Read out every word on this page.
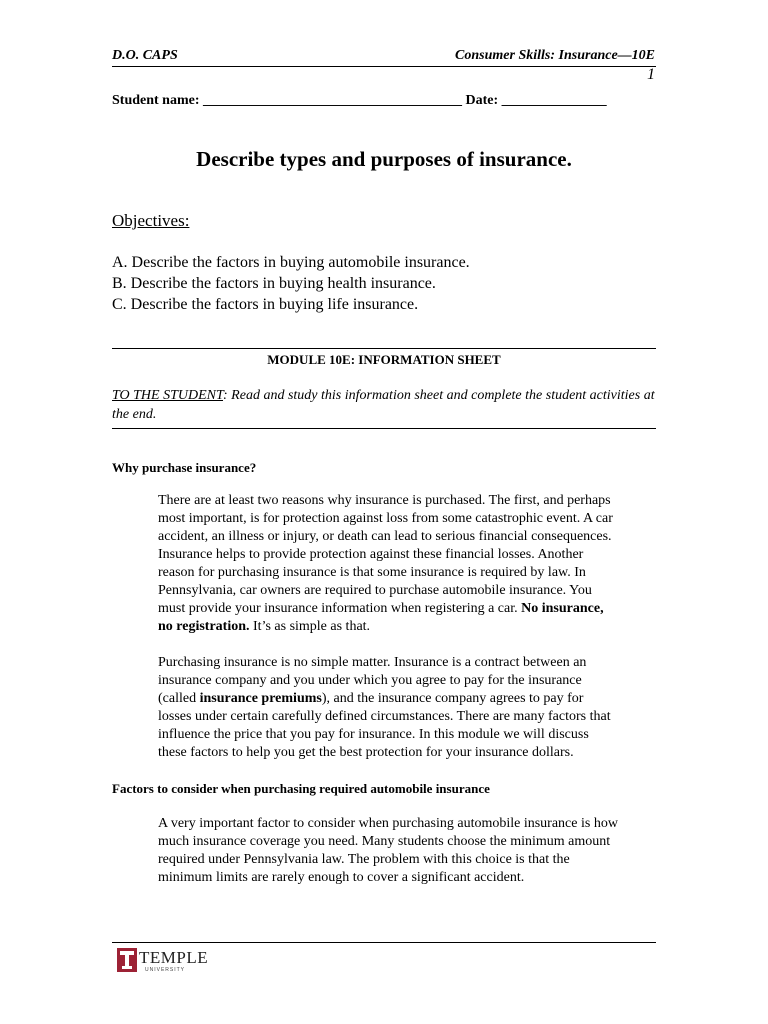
D.O. CAPS	Consumer Skills: Insurance—10E
1
Student name: _____________________________________ Date: _______________
Describe types and purposes of insurance.
Objectives:
A. Describe the factors in buying automobile insurance.
B. Describe the factors in buying health insurance.
C. Describe the factors in buying life insurance.
MODULE 10E: INFORMATION SHEET
TO THE STUDENT: Read and study this information sheet and complete the student activities at the end.
Why purchase insurance?
There are at least two reasons why insurance is purchased. The first, and perhaps
most important, is for protection against loss from some catastrophic event. A car
accident, an illness or injury, or death can lead to serious financial consequences.
Insurance helps to provide protection against these financial losses. Another
reason for purchasing insurance is that some insurance is required by law. In
Pennsylvania, car owners are required to purchase automobile insurance. You
must provide your insurance information when registering a car. No insurance,
no registration. It’s as simple as that.
Purchasing insurance is no simple matter. Insurance is a contract between an
insurance company and you under which you agree to pay for the insurance
(called insurance premiums), and the insurance company agrees to pay for
losses under certain carefully defined circumstances. There are many factors that
influence the price that you pay for insurance. In this module we will discuss
these factors to help you get the best protection for your insurance dollars.
Factors to consider when purchasing required automobile insurance
A very important factor to consider when purchasing automobile insurance is how
much insurance coverage you need. Many students choose the minimum amount
required under Pennsylvania law. The problem with this choice is that the
minimum limits are rarely enough to cover a significant accident.
TEMPLE
UNIVERSITY
